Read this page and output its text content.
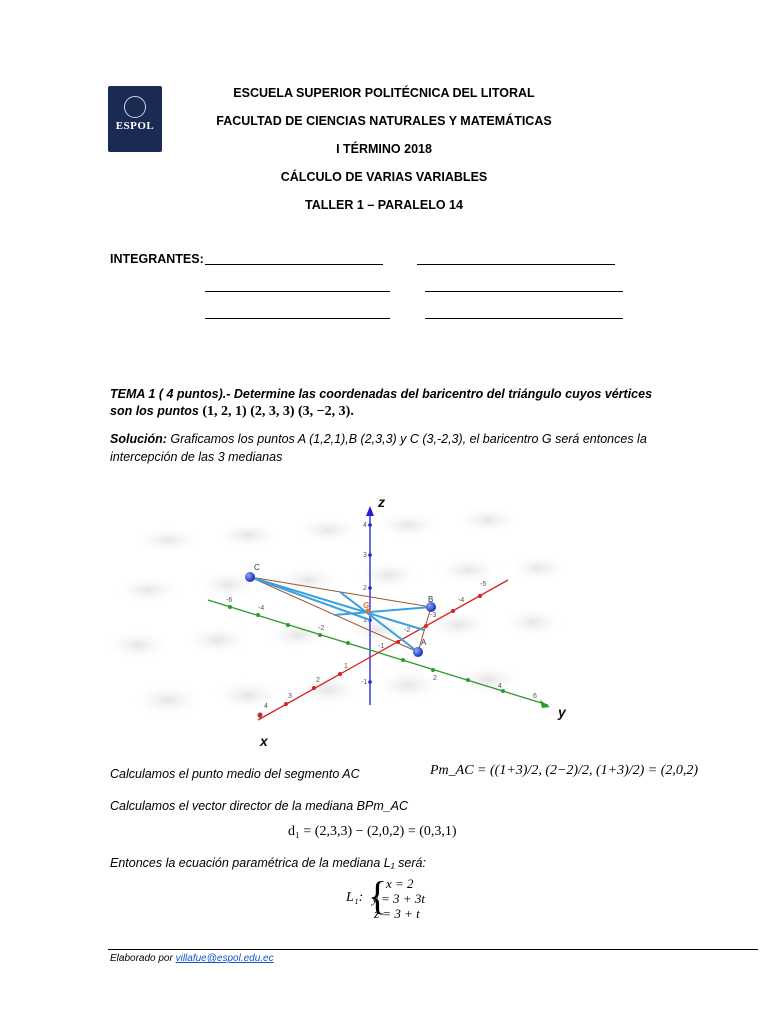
ESPOL
ESCUELA SUPERIOR POLITÉCNICA DEL LITORAL
FACULTAD DE CIENCIAS NATURALES Y MATEMÁTICAS
I TÉRMINO 2018
CÁLCULO DE VARIAS VARIABLES
TALLER 1 – PARALELO 14
INTEGRANTES:
TEMA 1 ( 4 puntos).- Determine las coordenadas del baricentro del triángulo cuyos vértices
son los puntos (1, 2, 1) (2, 3, 3) (3, −2, 3).
Solución: Graficamos los puntos A (1,2,1),B (2,3,3) y C (3,-2,3), el baricentro G será entonces la
intercepción de las 3 medianas
4
3
2
1
-1
-6
-4
-2
2
4
6
-5
-4
-3
-2
-1
1
2
3
4
5
C
B
A
G
z
y
x
Calculamos el punto medio del segmento AC	Pm_AC = ((1+3)/2, (2−2)/2, (1+3)/2) = (2,0,2)
Calculamos el vector director de la mediana BPm_AC
d₁ = (2,3,3) − (2,0,2) = (0,3,1)
Entonces la ecuación paramétrica de la mediana L₁ será:
L₁: {
x = 2
y = 3 + 3t
z = 3 + t
Elaborado por villafue@espol.edu.ec
